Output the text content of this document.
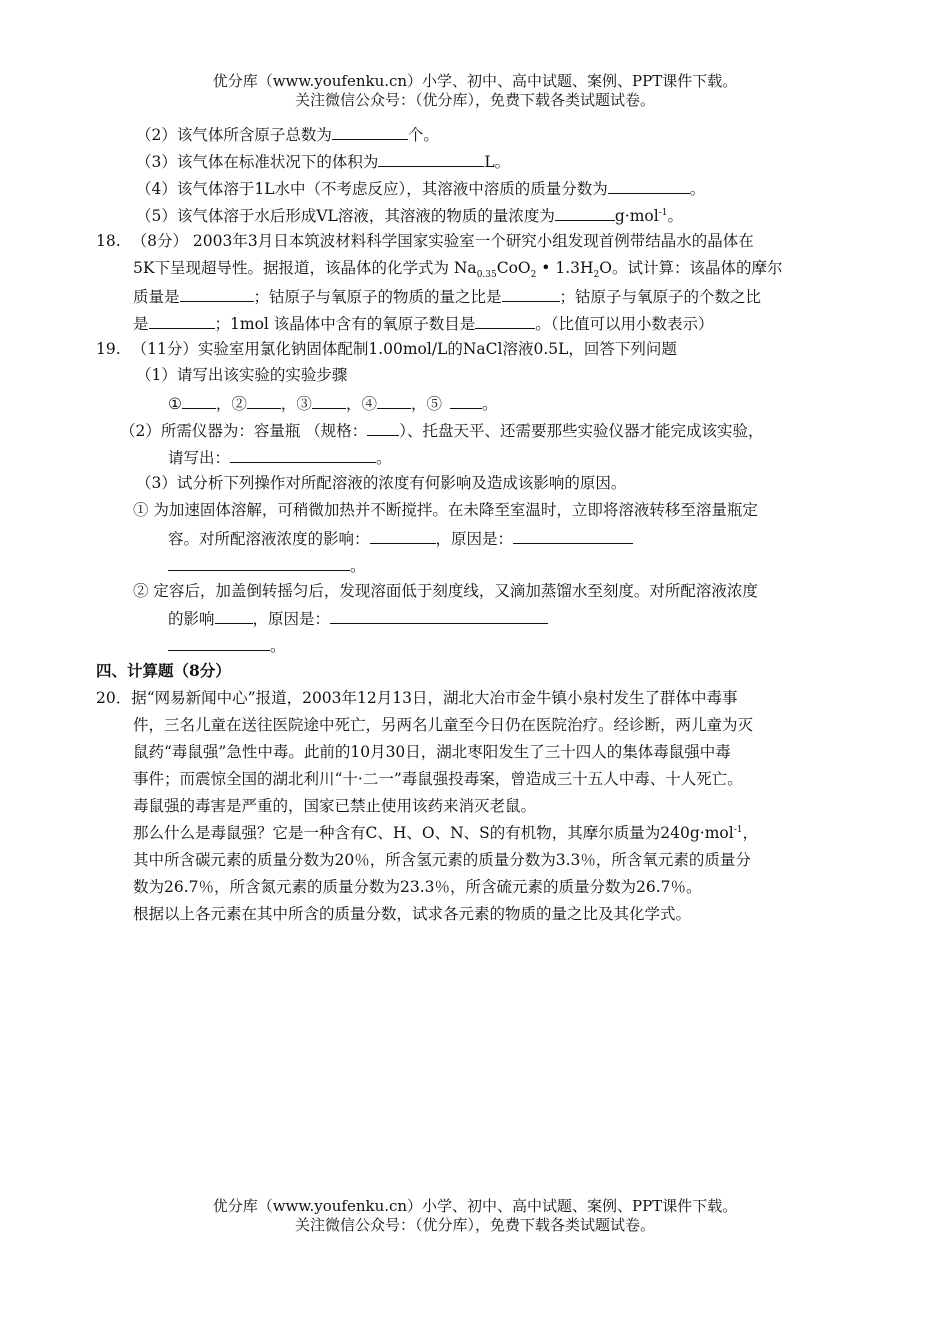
优分库（www.youfenku.cn）小学、初中、高中试题、案例、PPT课件下载。
关注微信公众号：（优分库），免费下载各类试题试卷。
（2）该气体所含原子总数为	个。
（3）该气体在标准状况下的体积为	L。
（4）该气体溶于1L水中（不考虑反应），其溶液中溶质的质量分数为	。
（5）该气体溶于水后形成VL溶液，其溶液的物质的量浓度为	g·mol$^{-1}$。
18. （8分） 2003年3月日本筑波材料科学国家实验室一个研究小组发现首例带结晶水的晶体在
5K下呈现超导性。据报道，该晶体的化学式为 $Na_{0.35}CoO_2$ • $1.3H_2O$。试计算：该晶体的摩尔
质量是	；钴原子与氧原子的物质的量之比是	；钴原子与氧原子的个数之比
是	；1mol 该晶体中含有的氧原子数目是	。（比值可以用小数表示）
19. （11分）实验室用氯化钠固体配制1.00mol/L的NaCl溶液0.5L，回答下列问题
（1）请写出该实验的实验步骤
① ，② ，③ ，④ ，⑤	。
（2）所需仪器为：容量瓶 （规格： ）、托盘天平、还需要那些实验仪器才能完成该实验，
请写出：	。
（3）试分析下列操作对所配溶液的浓度有何影响及造成该影响的原因。
① 为加速固体溶解，可稍微加热并不断搅拌。在未降至室温时，立即将溶液转移至溶量瓶定
容。对所配溶液浓度的影响：	，原因是：
。
② 定容后，加盖倒转摇匀后，发现溶面低于刻度线，又滴加蒸馏水至刻度。对所配溶液浓度
的影响 ，原因是：
。
四、计算题（8分）
20．据“网易新闻中心”报道，2003年12月13日，湖北大冶市金牛镇小泉村发生了群体中毒事
件，三名儿童在送往医院途中死亡，另两名儿童至今日仍在医院治疗。经诊断，两儿童为灭
鼠药“毒鼠强”急性中毒。此前的10月30日，湖北枣阳发生了三十四人的集体毒鼠强中毒
事件；而震惊全国的湖北利川“十·二一”毒鼠强投毒案，曾造成三十五人中毒、十人死亡。
毒鼠强的毒害是严重的，国家已禁止使用该药来消灭老鼠。
那么什么是毒鼠强？它是一种含有C、H、O、N、S的有机物，其摩尔质量为240g·mol$^{-1}$，
其中所含碳元素的质量分数为20％，所含氢元素的质量分数为3.3％，所含氧元素的质量分
数为26.7％，所含氮元素的质量分数为23.3％，所含硫元素的质量分数为26.7％。
根据以上各元素在其中所含的质量分数，试求各元素的物质的量之比及其化学式。
优分库（www.youfenku.cn）小学、初中、高中试题、案例、PPT课件下载。
关注微信公众号：（优分库），免费下载各类试题试卷。
